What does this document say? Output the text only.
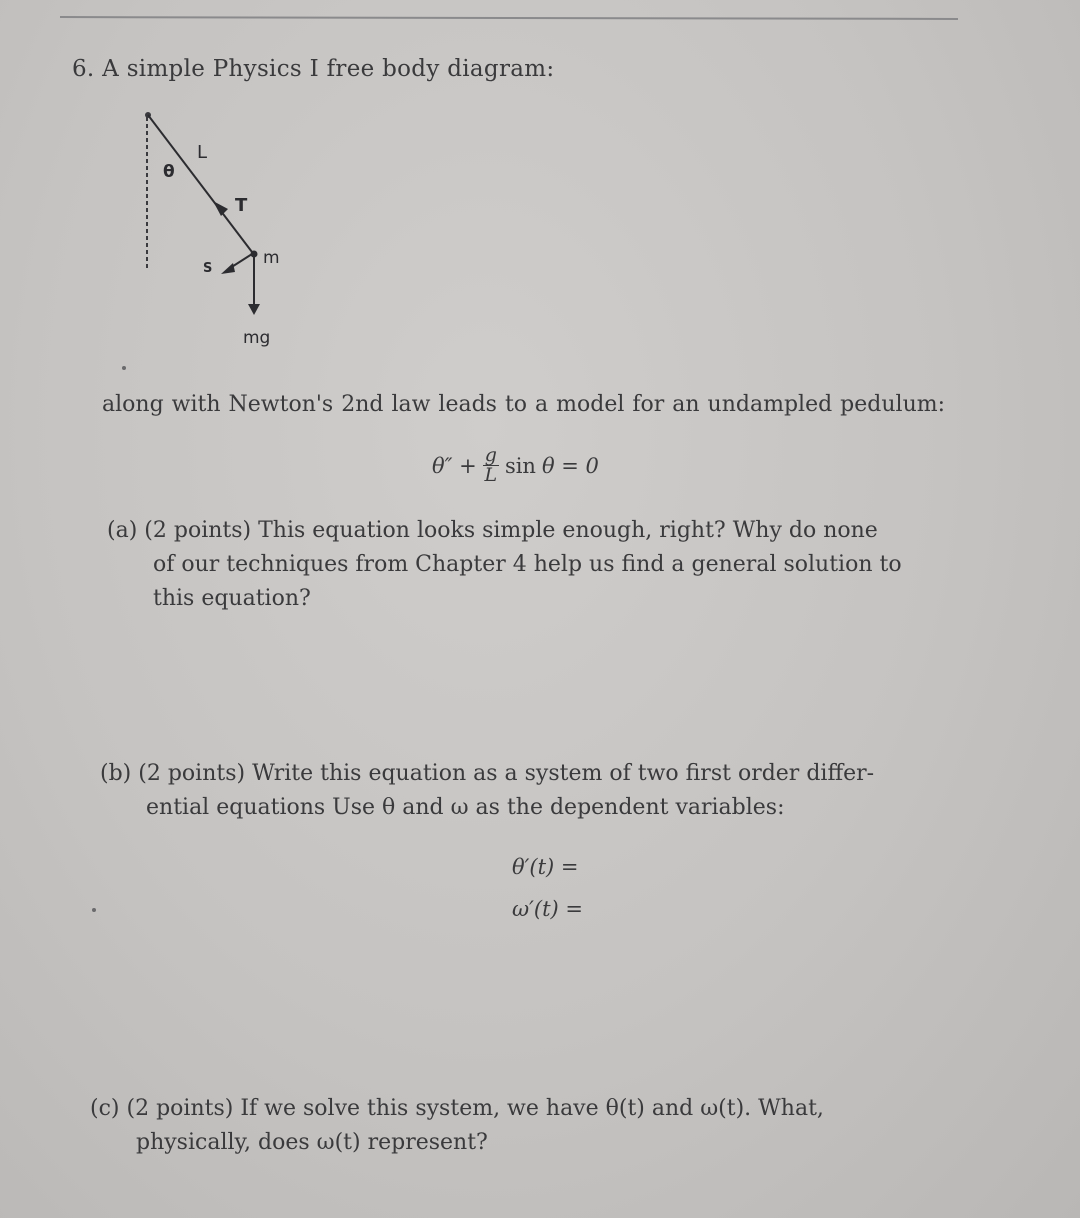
6. A simple Physics I free body diagram:
θ
L
T
m
S
mg
along with Newton's 2nd law leads to a model for an undampled pedulum:
$\theta'' + \frac{g}{L}$ sin θ = 0
(a) (2 points) This equation looks simple enough, right? Why do none
of our techniques from Chapter 4 help us find a general solution to
this equation?
(b) (2 points) Write this equation as a system of two first order differ-
ential equations Use θ and ω as the dependent variables:
θ′(t) =
ω′(t) =
(c) (2 points) If we solve this system, we have θ(t) and ω(t). What,
physically, does ω(t) represent?
